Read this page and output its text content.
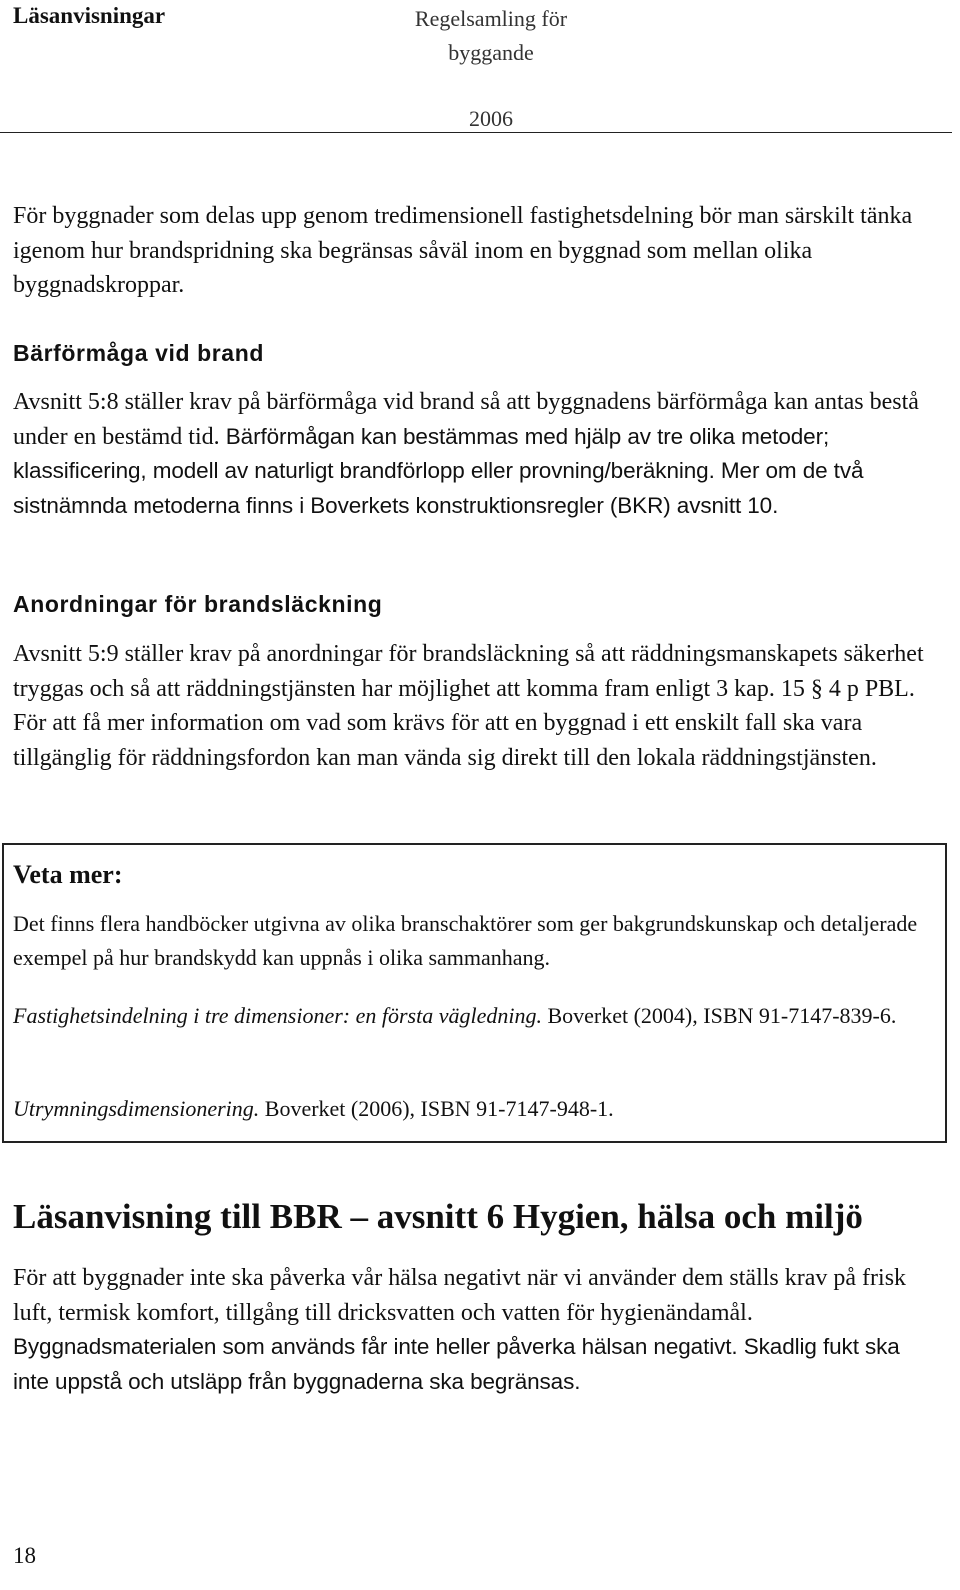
Läsanvisningar	Regelsamling för
byggande
2006
För byggnader som delas upp genom tredimensionell fastighetsdelning bör man särskilt tänka igenom hur brandspridning ska begränsas såväl inom en byggnad som mellan olika byggnadskroppar.
Bärförmåga vid brand
Avsnitt 5:8 ställer krav på bärförmåga vid brand så att byggnadens bärförmåga kan antas bestå under en bestämd tid. Bärförmågan kan bestämmas med hjälp av tre olika metoder; klassificering, modell av naturligt brandförlopp eller provning/beräkning. Mer om de två sistnämnda metoderna finns i Boverkets konstruktionsregler (BKR) avsnitt 10.
Anordningar för brandsläckning
Avsnitt 5:9 ställer krav på anordningar för brandsläckning så att räddningsmanskapets säkerhet tryggas och så att räddningstjänsten har möjlighet att komma fram enligt 3 kap. 15 § 4 p PBL. För att få mer information om vad som krävs för att en byggnad i ett enskilt fall ska vara tillgänglig för räddningsfordon kan man vända sig direkt till den lokala räddningstjänsten.
Veta mer:
Det finns flera handböcker utgivna av olika branschaktörer som ger bakgrundskunskap och detaljerade exempel på hur brandskydd kan uppnås i olika sammanhang.
Fastighetsindelning i tre dimensioner: en första vägledning. Boverket (2004), ISBN 91-7147-839-6.
Utrymningsdimensionering. Boverket (2006), ISBN 91-7147-948-1.
Läsanvisning till BBR – avsnitt 6 Hygien, hälsa och miljö
För att byggnader inte ska påverka vår hälsa negativt när vi använder dem ställs krav på frisk luft, termisk komfort, tillgång till dricksvatten och vatten för hygienändamål. Byggnadsmaterialen som används får inte heller påverka hälsan negativt. Skadlig fukt ska inte uppstå och utsläpp från byggnaderna ska begränsas.
18
